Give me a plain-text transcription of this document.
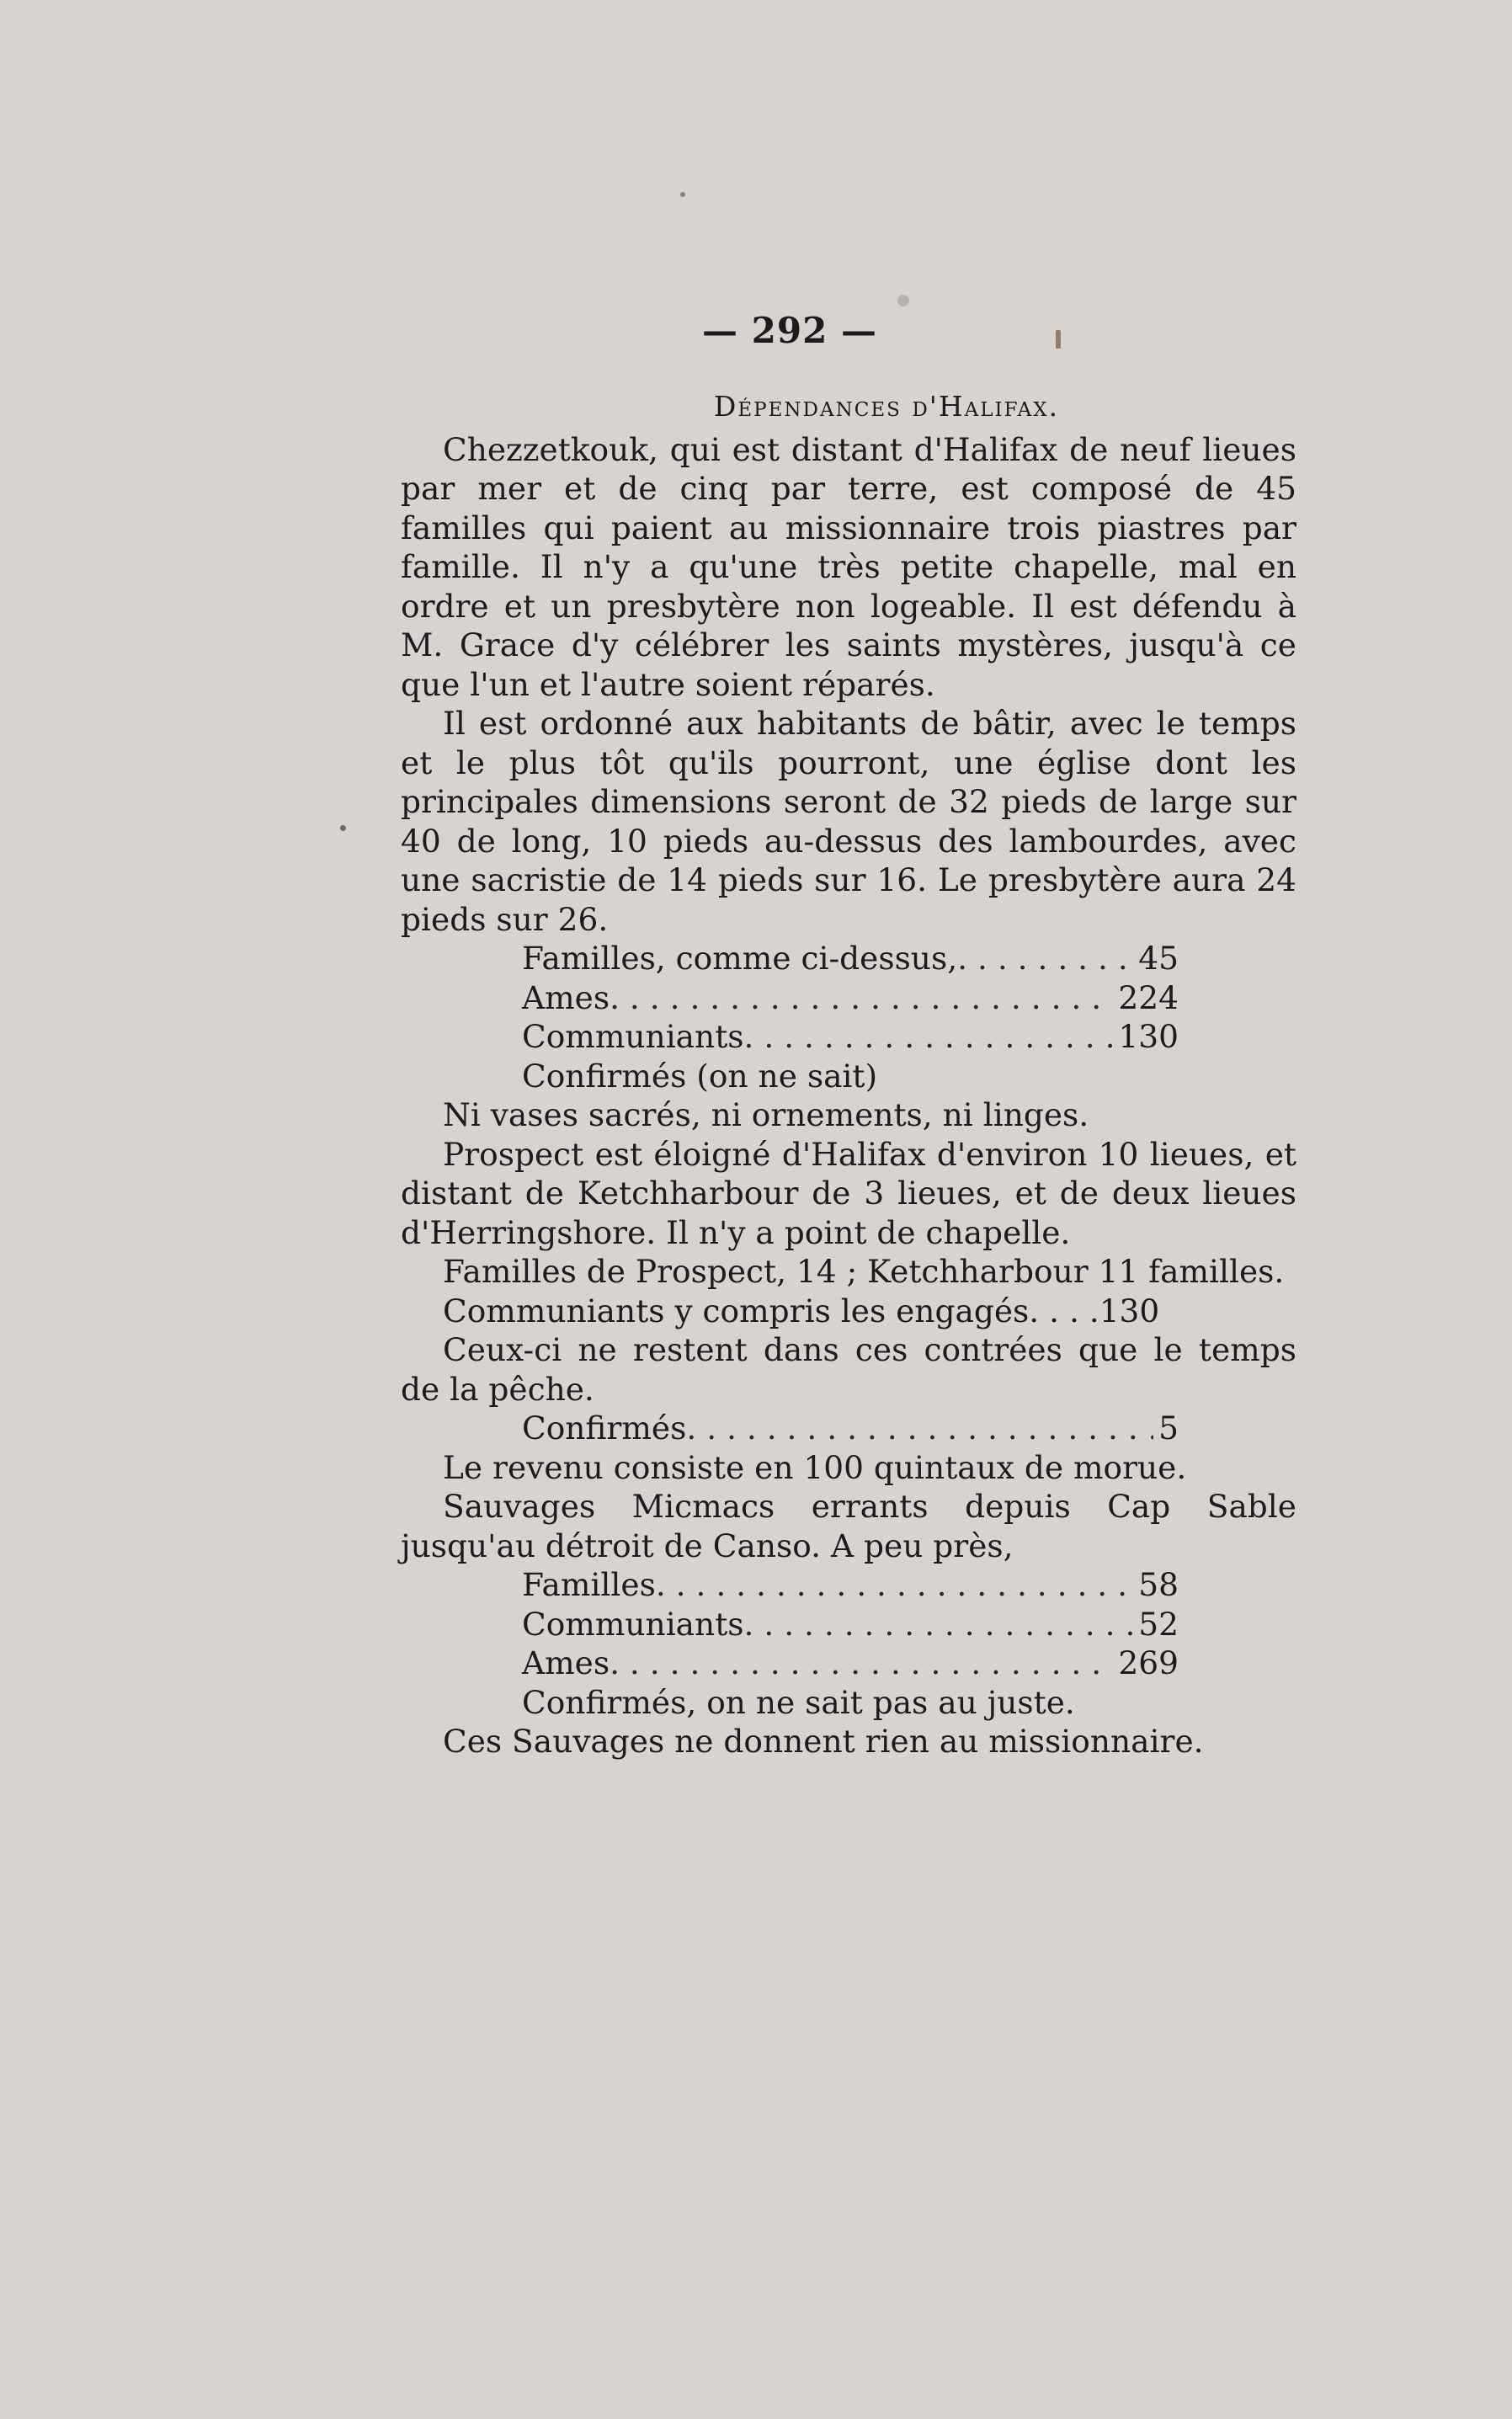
— 292 —
Dépendances d'Halifax.

Chezzetkouk, qui est distant d'Halifax de neuf lieues par mer et de cinq par terre, est composé de 45 familles qui paient au missionnaire trois piastres par famille. Il n'y a qu'une très petite chapelle, mal en ordre et un presbytère non logeable. Il est défendu à M. Grace d'y célébrer les saints mystères, jusqu'à ce que l'un et l'autre soient réparés.

Il est ordonné aux habitants de bâtir, avec le temps et le plus tôt qu'ils pourront, une église dont les principales dimensions seront de 32 pieds de large sur 40 de long, 10 pieds au-dessus des lambourdes, avec une sacristie de 14 pieds sur 16. Le presbytère aura 24 pieds sur 26.

Familles, comme ci-dessus, . . .	45
Ames . . .	224
Communiants . . .	130
Confirmés (on ne sait)

Ni vases sacrés, ni ornements, ni linges.

Prospect est éloigné d'Halifax d'environ 10 lieues, et distant de Ketchharbour de 3 lieues, et de deux lieues d'Herringshore. Il n'y a point de chapelle.

Familles de Prospect, 14 ; Ketchharbour 11 familles.

Communiants y compris les engagés. . . .130

Ceux-ci ne restent dans ces contrées que le temps de la pêche.

Confirmés . . .	5

Le revenu consiste en 100 quintaux de morue.

Sauvages Micmacs errants depuis Cap Sable jusqu'au détroit de Canso. A peu près,

Familles . . .	58
Communiants . . .	52
Ames . . .	269
Confirmés, on ne sait pas au juste.

Ces Sauvages ne donnent rien au missionnaire.
